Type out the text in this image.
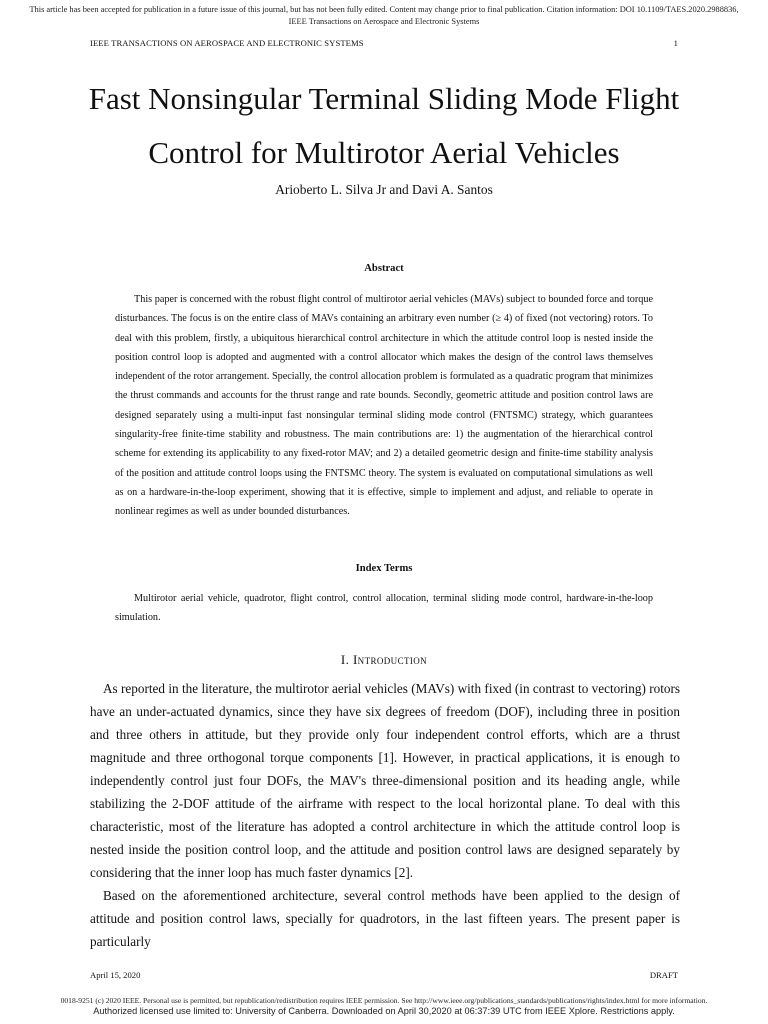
This article has been accepted for publication in a future issue of this journal, but has not been fully edited. Content may change prior to final publication. Citation information: DOI 10.1109/TAES.2020.2988836, IEEE Transactions on Aerospace and Electronic Systems
IEEE TRANSACTIONS ON AEROSPACE AND ELECTRONIC SYSTEMS	1
Fast Nonsingular Terminal Sliding Mode Flight Control for Multirotor Aerial Vehicles
Arioberto L. Silva Jr and Davi A. Santos
Abstract

This paper is concerned with the robust flight control of multirotor aerial vehicles (MAVs) subject to bounded force and torque disturbances. The focus is on the entire class of MAVs containing an arbitrary even number (≥ 4) of fixed (not vectoring) rotors. To deal with this problem, firstly, a ubiquitous hierarchical control architecture in which the attitude control loop is nested inside the position control loop is adopted and augmented with a control allocator which makes the design of the control laws themselves independent of the rotor arrangement. Specially, the control allocation problem is formulated as a quadratic program that minimizes the thrust commands and accounts for the thrust range and rate bounds. Secondly, geometric attitude and position control laws are designed separately using a multi-input fast nonsingular terminal sliding mode control (FNTSMC) strategy, which guarantees singularity-free finite-time stability and robustness. The main contributions are: 1) the augmentation of the hierarchical control scheme for extending its applicability to any fixed-rotor MAV; and 2) a detailed geometric design and finite-time stability analysis of the position and attitude control loops using the FNTSMC theory. The system is evaluated on computational simulations as well as on a hardware-in-the-loop experiment, showing that it is effective, simple to implement and adjust, and reliable to operate in nonlinear regimes as well as under bounded disturbances.

Index Terms

Multirotor aerial vehicle, quadrotor, flight control, control allocation, terminal sliding mode control, hardware-in-the-loop simulation.

I. Introduction

As reported in the literature, the multirotor aerial vehicles (MAVs) with fixed (in contrast to vectoring) rotors have an under-actuated dynamics, since they have six degrees of freedom (DOF), including three in position and three others in attitude, but they provide only four independent control efforts, which are a thrust magnitude and three orthogonal torque components [1]. However, in practical applications, it is enough to independently control just four DOFs, the MAV's three-dimensional position and its heading angle, while stabilizing the 2-DOF attitude of the airframe with respect to the local horizontal plane. To deal with this characteristic, most of the literature has adopted a control architecture in which the attitude control loop is nested inside the position control loop, and the attitude and position control laws are designed separately by considering that the inner loop has much faster dynamics [2].

Based on the aforementioned architecture, several control methods have been applied to the design of attitude and position control laws, specially for quadrotors, in the last fifteen years. The present paper is particularly

April 15, 2020	DRAFT
0018-9251 (c) 2020 IEEE. Personal use is permitted, but republication/redistribution requires IEEE permission. See http://www.ieee.org/publications_standards/publications/rights/index.html for more information.
Authorized licensed use limited to: University of Canberra. Downloaded on April 30,2020 at 06:37:39 UTC from IEEE Xplore. Restrictions apply.
